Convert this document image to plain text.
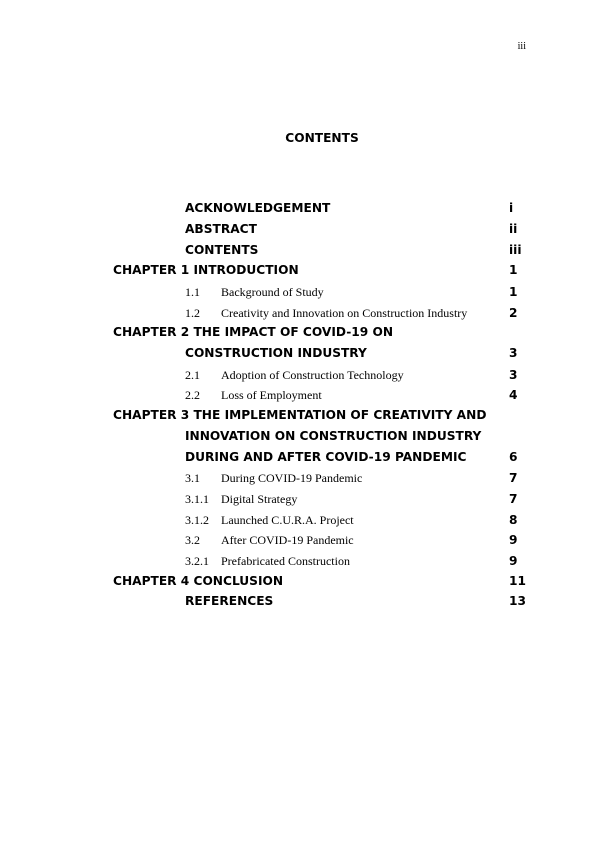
iii
CONTENTS
ACKNOWLEDGEMENT	i
ABSTRACT	ii
CONTENTS	iii
CHAPTER 1 INTRODUCTION	1
1.1 Background of Study	1
1.2 Creativity and Innovation on Construction Industry	2
CHAPTER 2 THE IMPACT OF COVID-19 ON
CONSTRUCTION INDUSTRY	3
2.1 Adoption of Construction Technology	3
2.2 Loss of Employment	4
CHAPTER 3 THE IMPLEMENTATION OF CREATIVITY AND
INNOVATION ON CONSTRUCTION INDUSTRY
DURING AND AFTER COVID-19 PANDEMIC	6
3.1 During COVID-19 Pandemic	7
3.1.1 Digital Strategy	7
3.1.2 Launched C.U.R.A. Project	8
3.2 After COVID-19 Pandemic	9
3.2.1 Prefabricated Construction	9
CHAPTER 4 CONCLUSION	11
REFERENCES	13
